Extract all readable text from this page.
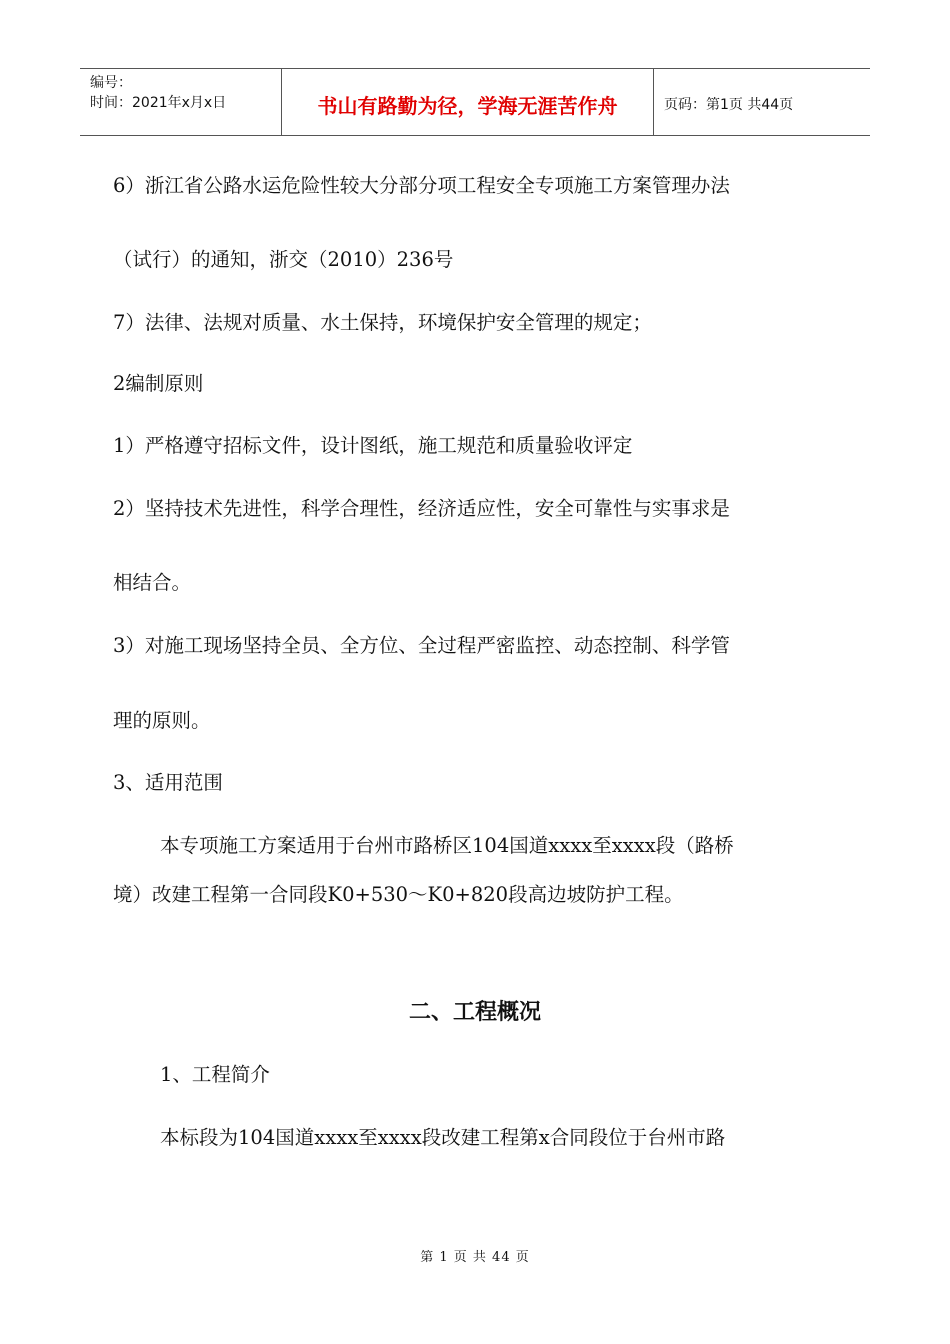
编号：
时间：2021年x月x日	书山有路勤为径，学海无涯苦作舟	页码：第1页 共44页
6）浙江省公路水运危险性较大分部分项工程安全专项施工方案管理办法
（试行）的通知，浙交（2010）236号
7）法律、法规对质量、水土保持，环境保护安全管理的规定；
2编制原则
1）严格遵守招标文件，设计图纸，施工规范和质量验收评定
2）坚持技术先进性，科学合理性，经济适应性，安全可靠性与实事求是
相结合。
3）对施工现场坚持全员、全方位、全过程严密监控、动态控制、科学管
理的原则。
3、适用范围
本专项施工方案适用于台州市路桥区104国道xxxx至xxxx段（路桥
境）改建工程第一合同段K0+530～K0+820段高边坡防护工程。
二、工程概况
1、工程简介
本标段为104国道xxxx至xxxx段改建工程第x合同段位于台州市路
第 1 页 共 44 页
